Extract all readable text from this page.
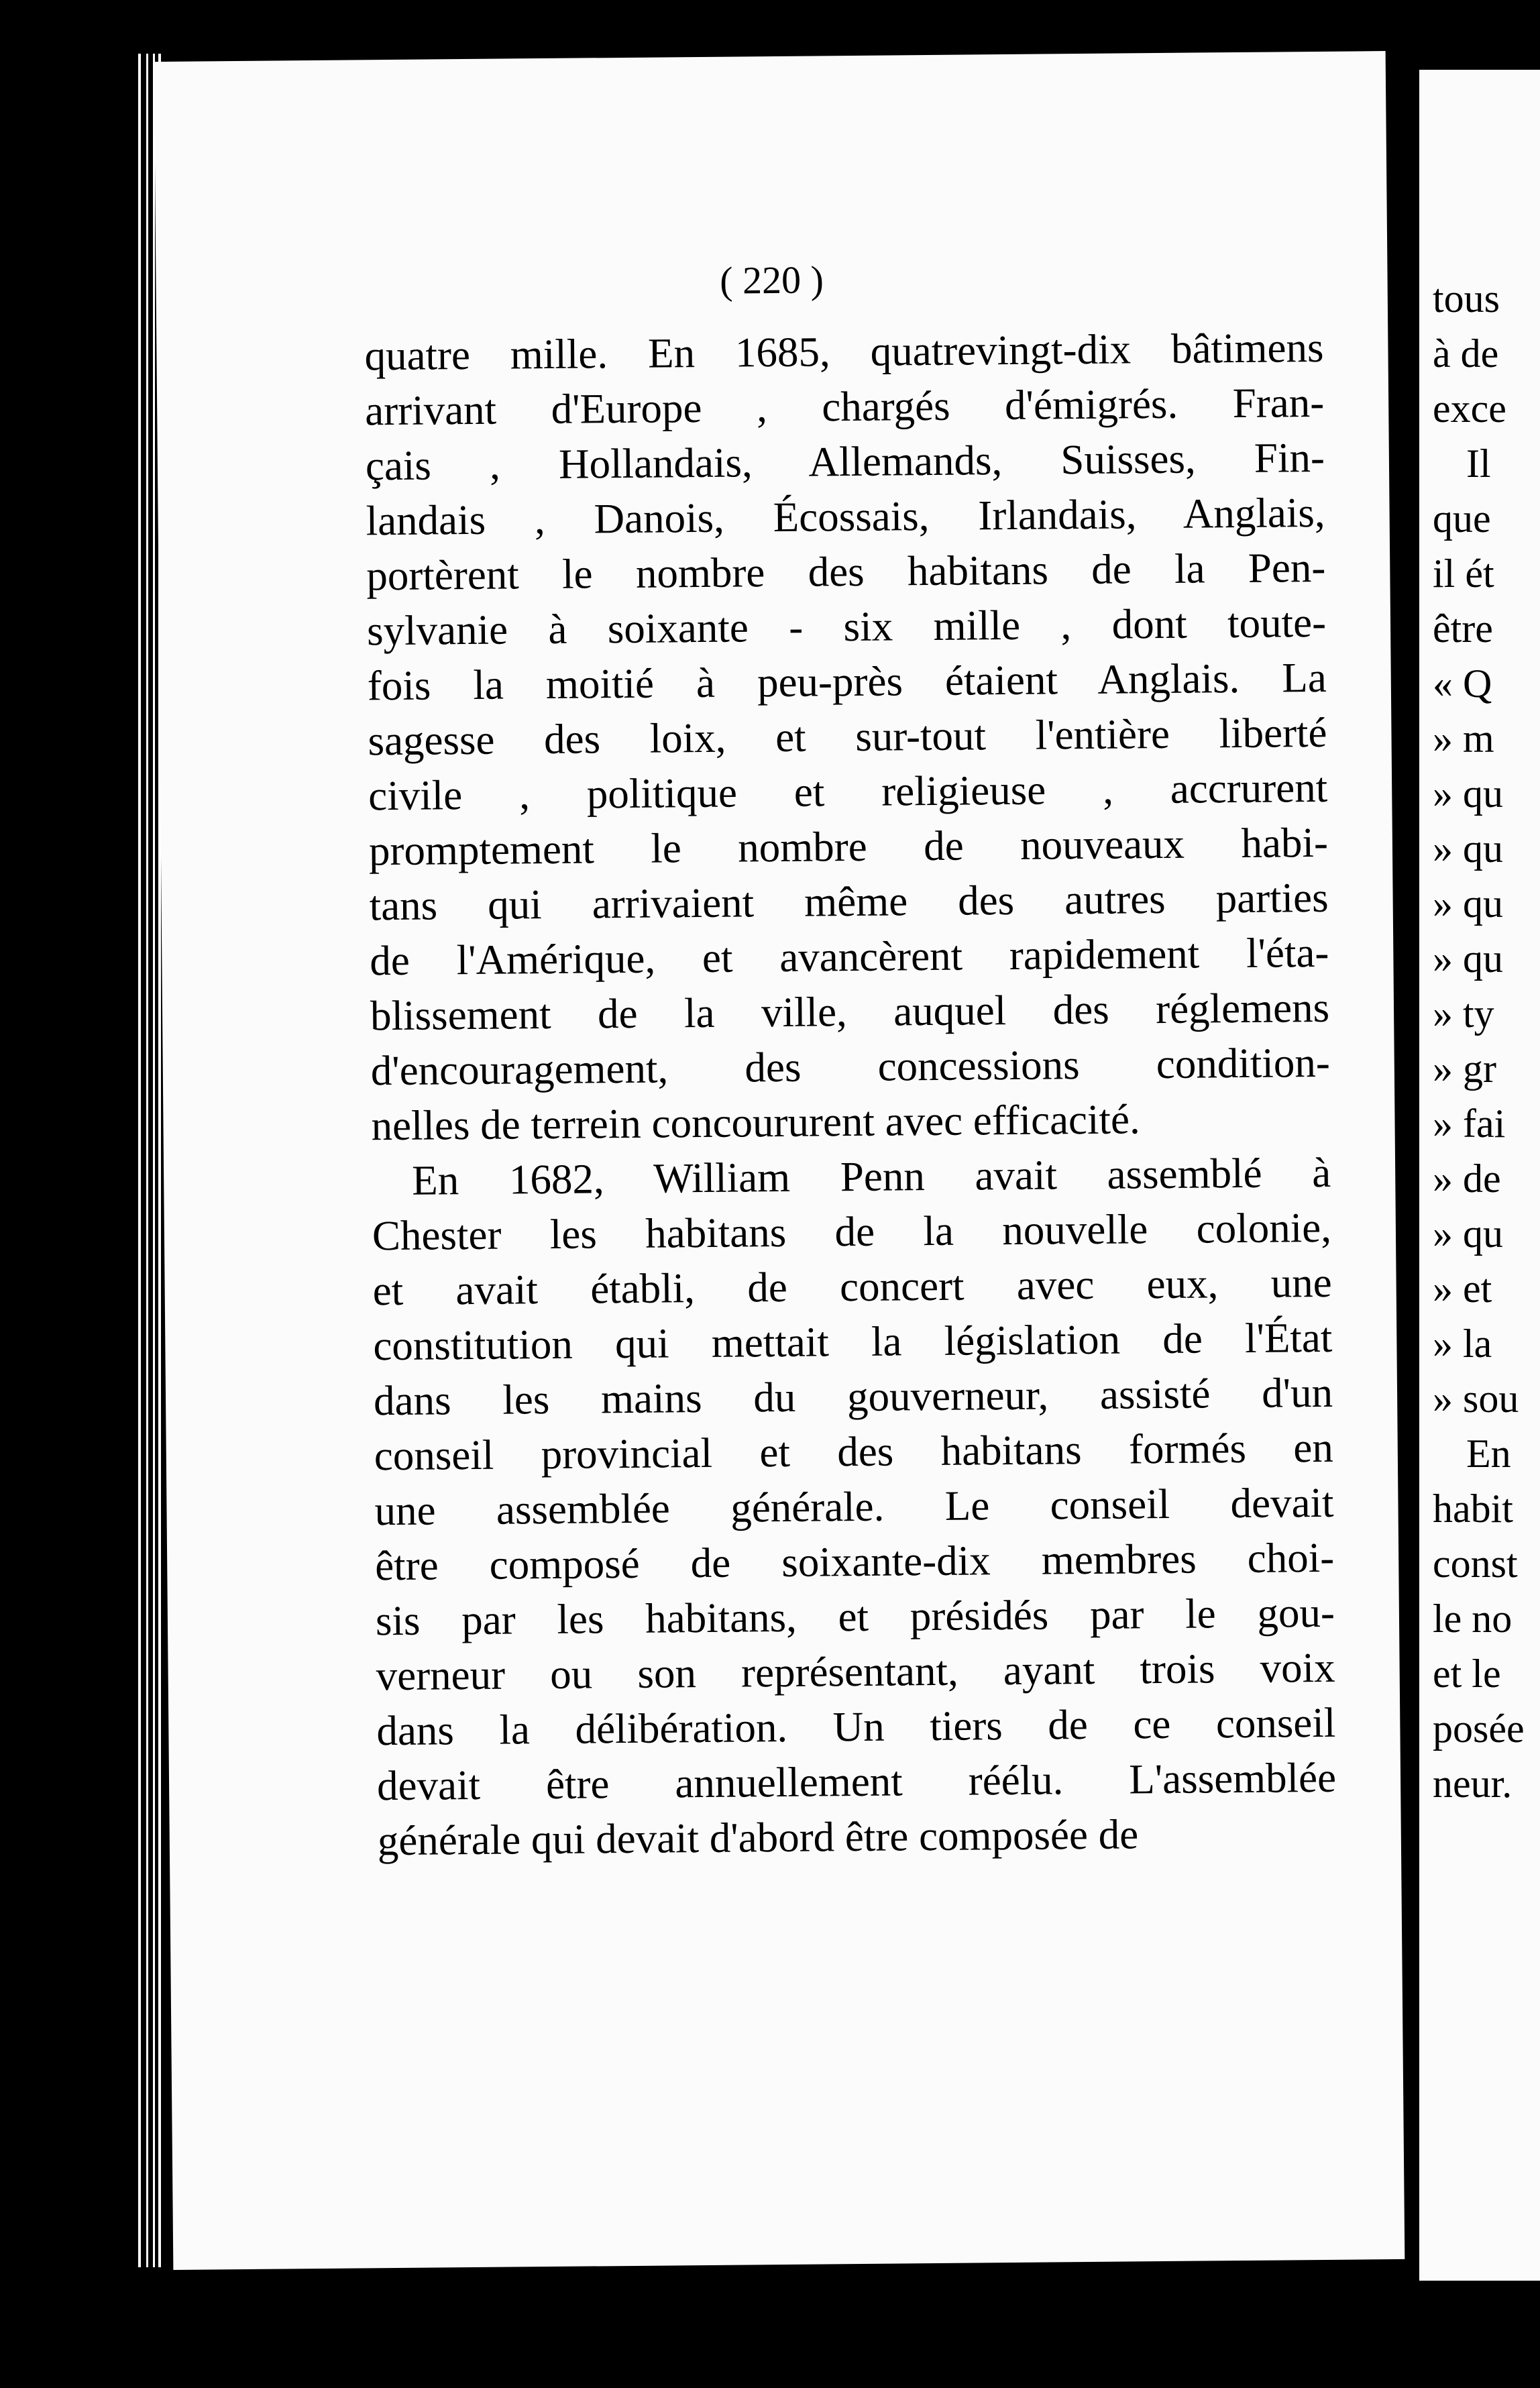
( 220 )
quatre mille. En 1685, quatrevingt-dix bâtimens
arrivant d'Europe , chargés d'émigrés. Fran-
çais , Hollandais, Allemands, Suisses, Fin-
landais , Danois, Écossais, Irlandais, Anglais,
portèrent le nombre des habitans de la Pen-
sylvanie à soixante - six mille , dont toute-
fois la moitié à peu-près étaient Anglais. La
sagesse des loix, et sur-tout l'entière liberté
civile , politique et religieuse , accrurent
promptement le nombre de nouveaux habi-
tans qui arrivaient même des autres parties
de l'Amérique, et avancèrent rapidement l'éta-
blissement de la ville, auquel des réglemens
d'encouragement, des concessions condition-
nelles de terrein concoururent avec efficacité.
En 1682, William Penn avait assemblé à
Chester les habitans de la nouvelle colonie,
et avait établi, de concert avec eux, une
constitution qui mettait la législation de l'État
dans les mains du gouverneur, assisté d'un
conseil provincial et des habitans formés en
une assemblée générale. Le conseil devait
être composé de soixante-dix membres choi-
sis par les habitans, et présidés par le gou-
verneur ou son représentant, ayant trois voix
dans la délibération. Un tiers de ce conseil
devait être annuellement réélu. L'assemblée
générale qui devait d'abord être composée de
tous
à de
exce
Il
que
il ét
être
« Q
» m
» qu
» qu
» qu
» qu
» ty
» gr
» fai
» de
» qu
» et
» la
» sou
En
habit
const
le no
et le
posée
neur.
